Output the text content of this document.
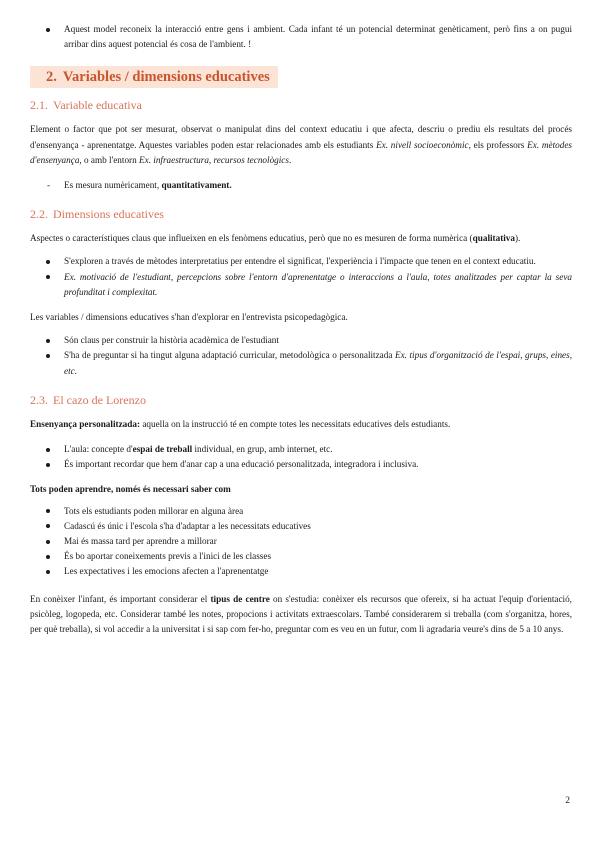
Aquest model reconeix la interacció entre gens i ambient. Cada infant té un potencial determinat genèticament, però fins a on pugui arribar dins aquest potencial és cosa de l'ambient. !
2. Variables / dimensions educatives
2.1. Variable educativa

Element o factor que pot ser mesurat, observat o manipulat dins del context educatiu i que afecta, descriu o prediu els resultats del procés d'ensenyança - aprenentatge. Aquestes variables poden estar relacionades amb els estudiants Ex. nivell socioeconòmic, els professors Ex. mètodes d'ensenyança, o amb l'entorn Ex. infraestructura, recursos tecnològics.

- Es mesura numèricament, quantitativament.
2.2. Dimensions educatives

Aspectes o característiques claus que influeixen en els fenòmens educatius, però que no es mesuren de forma numèrica (qualitativa).

S'exploren a través de mètodes interpretatius per entendre el significat, l'experiència i l'impacte que tenen en el context educatiu.
Ex. motivació de l'estudiant, percepcions sobre l'entorn d'aprenentatge o interaccions a l'aula, totes analitzades per captar la seva profunditat i complexitat.

Les variables / dimensions educatives s'han d'explorar en l'entrevista psicopedagògica.

Són claus per construir la història acadèmica de l'estudiant
S'ha de preguntar si ha tingut alguna adaptació curricular, metodològica o personalitzada Ex. tipus d'organització de l'espai, grups, eines, etc.
2.3. El cazo de Lorenzo

Ensenyança personalitzada: aquella on la instrucció té en compte totes les necessitats educatives dels estudiants.

L'aula: concepte d'espai de treball individual, en grup, amb internet, etc.
És important recordar que hem d'anar cap a una educació personalitzada, integradora i inclusiva.

Tots poden aprendre, només és necessari saber com

Tots els estudiants poden millorar en alguna àrea
Cadascú és únic i l'escola s'ha d'adaptar a les necessitats educatives
Mai és massa tard per aprendre a millorar
És bo aportar coneixements previs a l'inici de les classes
Les expectatives i les emocions afecten a l'aprenentatge

En conèixer l'infant, és important considerar el tipus de centre on s'estudia: conèixer els recursos que ofereix, si ha actuat l'equip d'orientació, psicòleg, logopeda, etc. Considerar també les notes, propocions i activitats extraescolars. També considerarem si treballa (com s'organitza, hores, per què treballa), si vol accedir a la universitat i si sap com fer-ho, preguntar com es veu en un futur, com li agradaria veure's dins de 5 a 10 anys.

2
